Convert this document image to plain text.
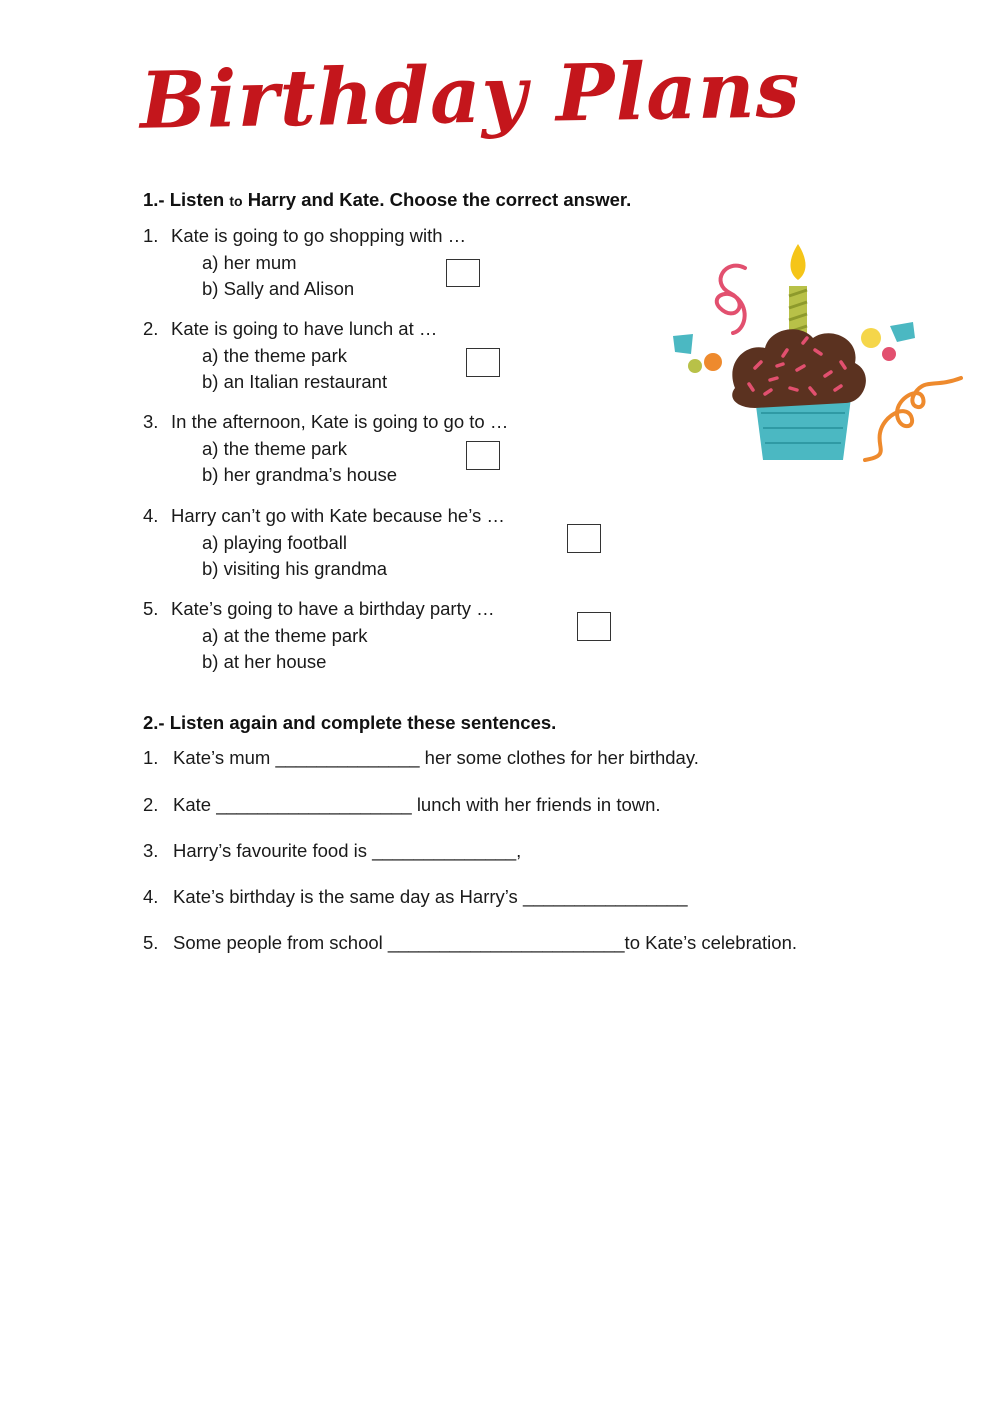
Birthday Plans
1.- Listen to Harry and Kate. Choose the correct answer.
1. Kate is going to go shopping with …
a) her mum
b) Sally and Alison
2. Kate is going to have lunch at …
a) the theme park
b) an Italian restaurant
3. In the afternoon, Kate is going to go to …
a) the theme park
b) her grandma’s house
4. Harry can’t go with Kate because he’s …
a) playing football
b) visiting his grandma
5. Kate’s going to have a birthday party …
a) at the theme park
b) at her house
2.- Listen again and complete these sentences.
1. Kate’s mum ______________ her some clothes for her birthday.
2. Kate ___________________ lunch with her friends in town.
3. Harry’s favourite food is ______________,
4. Kate’s birthday is the same day as Harry’s ________________
5. Some people from school _______________________to Kate’s celebration.
